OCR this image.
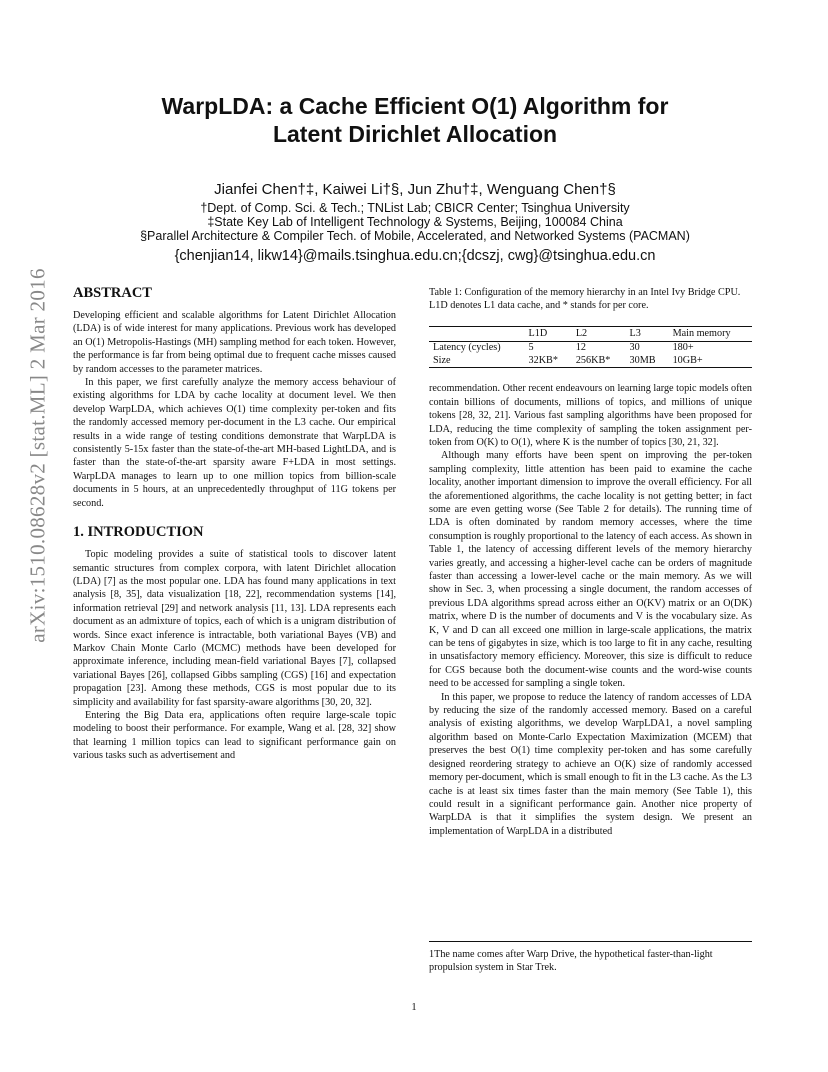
arXiv:1510.08628v2 [stat.ML] 2 Mar 2016
WarpLDA: a Cache Efficient O(1) Algorithm for
Latent Dirichlet Allocation
Jianfei Chen†‡, Kaiwei Li†§, Jun Zhu†‡, Wenguang Chen†§
†Dept. of Comp. Sci. & Tech.; TNList Lab; CBICR Center; Tsinghua University
‡State Key Lab of Intelligent Technology & Systems, Beijing, 100084 China
§Parallel Architecture & Compiler Tech. of Mobile, Accelerated, and Networked Systems (PACMAN)
{chenjian14, likw14}@mails.tsinghua.edu.cn;{dcszj, cwg}@tsinghua.edu.cn
ABSTRACT

Developing efficient and scalable algorithms for Latent Dirichlet Allocation (LDA) is of wide interest for many applications. Previous work has developed an O(1) Metropolis-Hastings (MH) sampling method for each token. However, the performance is far from being optimal due to frequent cache misses caused by random accesses to the parameter matrices.

In this paper, we first carefully analyze the memory access behaviour of existing algorithms for LDA by cache locality at document level. We then develop WarpLDA, which achieves O(1) time complexity per-token and fits the randomly accessed memory per-document in the L3 cache. Our empirical results in a wide range of testing conditions demonstrate that WarpLDA is consistently 5-15x faster than the state-of-the-art MH-based LightLDA, and is faster than the state-of-the-art sparsity aware F+LDA in most settings. WarpLDA manages to learn up to one million topics from billion-scale documents in 5 hours, at an unprecedentedly throughput of 11G tokens per second.

1. INTRODUCTION

Topic modeling provides a suite of statistical tools to discover latent semantic structures from complex corpora, with latent Dirichlet allocation (LDA) [7] as the most popular one. LDA has found many applications in text analysis [8, 35], data visualization [18, 22], recommendation systems [14], information retrieval [29] and network analysis [11, 13]. LDA represents each document as an admixture of topics, each of which is a unigram distribution of words. Since exact inference is intractable, both variational Bayes (VB) and Markov Chain Monte Carlo (MCMC) methods have been developed for approximate inference, including mean-field variational Bayes [7], collapsed variational Bayes [26], collapsed Gibbs sampling (CGS) [16] and expectation propagation [23]. Among these methods, CGS is most popular due to its simplicity and availability for fast sparsity-aware algorithms [30, 20, 32].

Entering the Big Data era, applications often require large-scale topic modeling to boost their performance. For example, Wang et al. [28, 32] show that learning 1 million topics can lead to significant performance gain on various tasks such as advertisement and

Table 1: Configuration of the memory hierarchy in an Intel Ivy Bridge CPU. L1D denotes L1 data cache, and * stands for per core.
	L1D	L2	L3	Main memory
Latency (cycles)	5	12	30	180+
Size	32KB*	256KB*	30MB	10GB+

recommendation. Other recent endeavours on learning large topic models often contain billions of documents, millions of topics, and millions of unique tokens [28, 32, 21]. Various fast sampling algorithms have been proposed for LDA, reducing the time complexity of sampling the token assignment per-token from O(K) to O(1), where K is the number of topics [30, 21, 32].

Although many efforts have been spent on improving the per-token sampling complexity, little attention has been paid to examine the cache locality, another important dimension to improve the overall efficiency. For all the aforementioned algorithms, the cache locality is not getting better; in fact some are even getting worse (See Table 2 for details). The running time of LDA is often dominated by random memory accesses, where the time consumption is roughly proportional to the latency of each access. As shown in Table 1, the latency of accessing different levels of the memory hierarchy varies greatly, and accessing a higher-level cache can be orders of magnitude faster than accessing a lower-level cache or the main memory. As we will show in Sec. 3, when processing a single document, the random accesses of previous LDA algorithms spread across either an O(KV) matrix or an O(DK) matrix, where D is the number of documents and V is the vocabulary size. As K, V and D can all exceed one million in large-scale applications, the matrix can be tens of gigabytes in size, which is too large to fit in any cache, resulting in unsatisfactory memory efficiency. Moreover, this size is difficult to reduce for CGS because both the document-wise counts and the word-wise counts need to be accessed for sampling a single token.

In this paper, we propose to reduce the latency of random accesses of LDA by reducing the size of the randomly accessed memory. Based on a careful analysis of existing algorithms, we develop WarpLDA1, a novel sampling algorithm based on Monte-Carlo Expectation Maximization (MCEM) that preserves the best O(1) time complexity per-token and has some carefully designed reordering strategy to achieve an O(K) size of randomly accessed memory per-document, which is small enough to fit in the L3 cache. As the L3 cache is at least six times faster than the main memory (See Table 1), this could result in a significant performance gain. Another nice property of WarpLDA is that it simplifies the system design. We present an implementation of WarpLDA in a distributed

1The name comes after Warp Drive, the hypothetical faster-than-light propulsion system in Star Trek.
1
